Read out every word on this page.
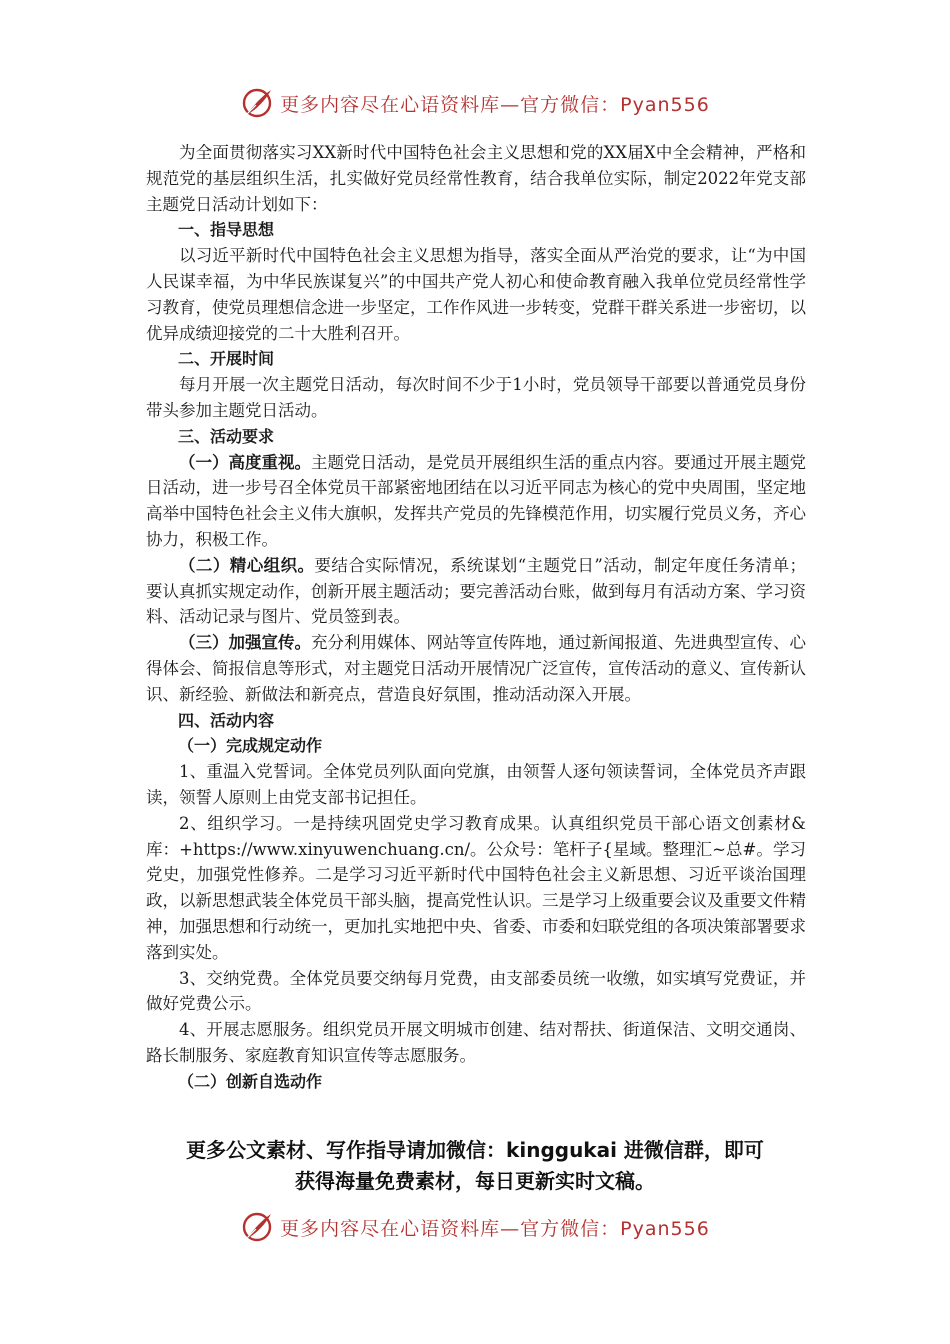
更多内容尽在心语资料库—官方微信：Pyan556

为全面贯彻落实习XX新时代中国特色社会主义思想和党的XX届X中全会精神，严格和规范党的基层组织生活，扎实做好党员经常性教育，结合我单位实际，制定2022年党支部主题党日活动计划如下：

一、指导思想

以习近平新时代中国特色社会主义思想为指导，落实全面从严治党的要求，让“为中国人民谋幸福，为中华民族谋复兴”的中国共产党人初心和使命教育融入我单位党员经常性学习教育，使党员理想信念进一步坚定，工作作风进一步转变，党群干群关系进一步密切，以优异成绩迎接党的二十大胜利召开。

二、开展时间

每月开展一次主题党日活动，每次时间不少于1小时，党员领导干部要以普通党员身份带头参加主题党日活动。

三、活动要求

（一）高度重视。主题党日活动，是党员开展组织生活的重点内容。要通过开展主题党日活动，进一步号召全体党员干部紧密地团结在以习近平同志为核心的党中央周围，坚定地高举中国特色社会主义伟大旗帜，发挥共产党员的先锋模范作用，切实履行党员义务，齐心协力，积极工作。

（二）精心组织。要结合实际情况，系统谋划“主题党日”活动，制定年度任务清单；要认真抓实规定动作，创新开展主题活动；要完善活动台账，做到每月有活动方案、学习资料、活动记录与图片、党员签到表。

（三）加强宣传。充分利用媒体、网站等宣传阵地，通过新闻报道、先进典型宣传、心得体会、简报信息等形式，对主题党日活动开展情况广泛宣传，宣传活动的意义、宣传新认识、新经验、新做法和新亮点，营造良好氛围，推动活动深入开展。

四、活动内容

（一）完成规定动作

1、重温入党誓词。全体党员列队面向党旗，由领誓人逐句领读誓词，全体党员齐声跟读，领誓人原则上由党支部书记担任。

2、组织学习。一是持续巩固党史学习教育成果。认真组织党员干部心语文创素材&库：+https://www.xinyuwenchuang.cn/。公众号：笔杆子{星域。整理汇~总#。学习党史，加强党性修养。二是学习习近平新时代中国特色社会主义新思想、习近平谈治国理政，以新思想武装全体党员干部头脑，提高党性认识。三是学习上级重要会议及重要文件精神，加强思想和行动统一，更加扎实地把中央、省委、市委和妇联党组的各项决策部署要求落到实处。

3、交纳党费。全体党员要交纳每月党费，由支部委员统一收缴，如实填写党费证，并做好党费公示。

4、开展志愿服务。组织党员开展文明城市创建、结对帮扶、街道保洁、文明交通岗、路长制服务、家庭教育知识宣传等志愿服务。

（二）创新自选动作

更多公文素材、写作指导请加微信：kinggukai 进微信群，即可
获得海量免费素材，每日更新实时文稿。
更多内容尽在心语资料库—官方微信：Pyan556
